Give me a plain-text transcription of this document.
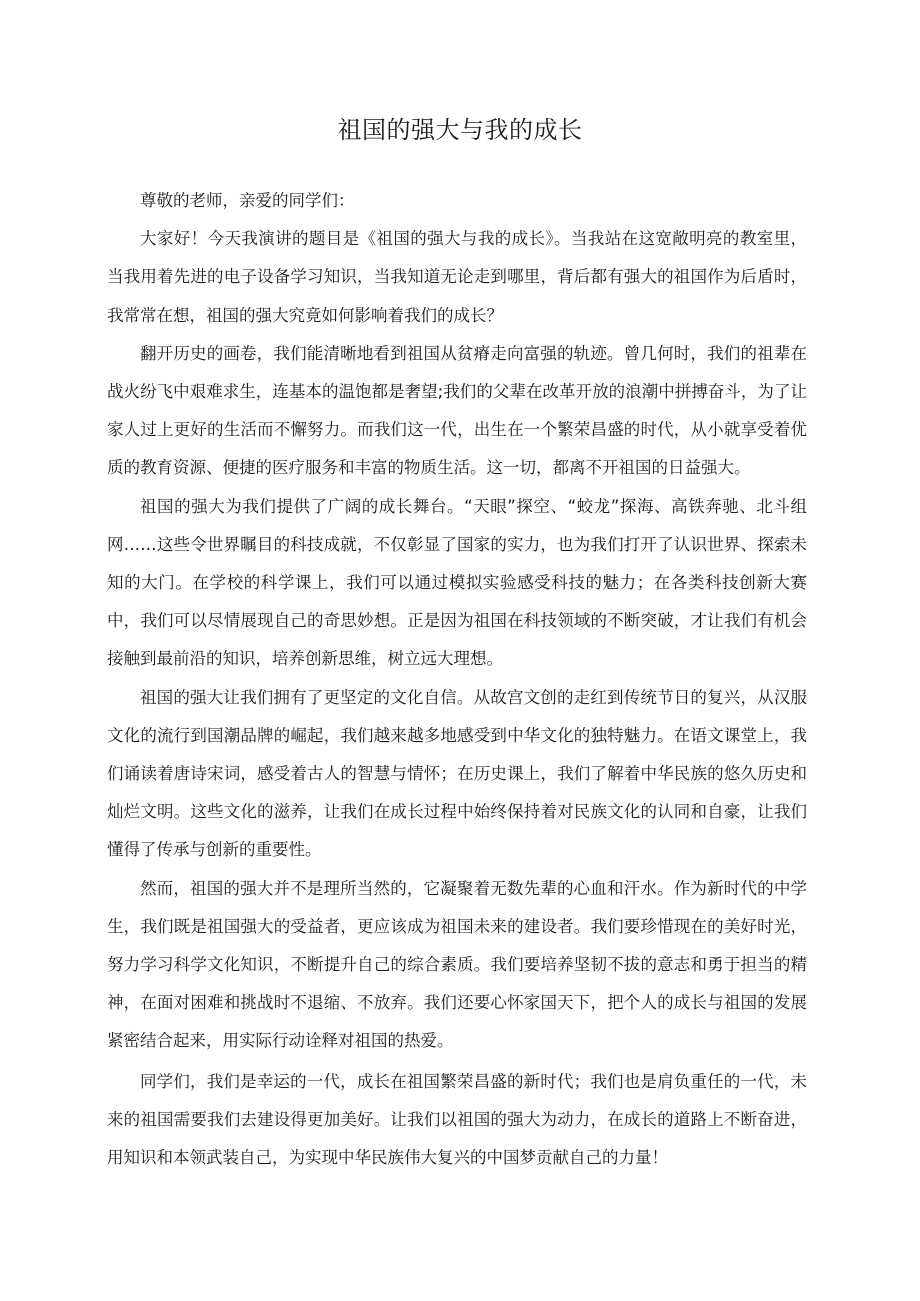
祖国的强大与我的成长

尊敬的老师，亲爱的同学们：

大家好！今天我演讲的题目是《祖国的强大与我的成长》。当我站在这宽敞明亮的教室里，当我用着先进的电子设备学习知识，当我知道无论走到哪里，背后都有强大的祖国作为后盾时，我常常在想，祖国的强大究竟如何影响着我们的成长？

翻开历史的画卷，我们能清晰地看到祖国从贫瘠走向富强的轨迹。曾几何时，我们的祖辈在战火纷飞中艰难求生，连基本的温饱都是奢望;我们的父辈在改革开放的浪潮中拼搏奋斗，为了让家人过上更好的生活而不懈努力。而我们这一代，出生在一个繁荣昌盛的时代，从小就享受着优质的教育资源、便捷的医疗服务和丰富的物质生活。这一切，都离不开祖国的日益强大。

祖国的强大为我们提供了广阔的成长舞台。“天眼”探空、“蛟龙”探海、高铁奔驰、北斗组网……这些令世界瞩目的科技成就，不仅彰显了国家的实力，也为我们打开了认识世界、探索未知的大门。在学校的科学课上，我们可以通过模拟实验感受科技的魅力；在各类科技创新大赛中，我们可以尽情展现自己的奇思妙想。正是因为祖国在科技领域的不断突破，才让我们有机会接触到最前沿的知识，培养创新思维，树立远大理想。

祖国的强大让我们拥有了更坚定的文化自信。从故宫文创的走红到传统节日的复兴，从汉服文化的流行到国潮品牌的崛起，我们越来越多地感受到中华文化的独特魅力。在语文课堂上，我们诵读着唐诗宋词，感受着古人的智慧与情怀；在历史课上，我们了解着中华民族的悠久历史和灿烂文明。这些文化的滋养，让我们在成长过程中始终保持着对民族文化的认同和自豪，让我们懂得了传承与创新的重要性。

然而，祖国的强大并不是理所当然的，它凝聚着无数先辈的心血和汗水。作为新时代的中学生，我们既是祖国强大的受益者，更应该成为祖国未来的建设者。我们要珍惜现在的美好时光，努力学习科学文化知识，不断提升自己的综合素质。我们要培养坚韧不拔的意志和勇于担当的精神，在面对困难和挑战时不退缩、不放弃。我们还要心怀家国天下，把个人的成长与祖国的发展紧密结合起来，用实际行动诠释对祖国的热爱。

同学们，我们是幸运的一代，成长在祖国繁荣昌盛的新时代；我们也是肩负重任的一代，未来的祖国需要我们去建设得更加美好。让我们以祖国的强大为动力，在成长的道路上不断奋进，用知识和本领武装自己，为实现中华民族伟大复兴的中国梦贡献自己的力量！
